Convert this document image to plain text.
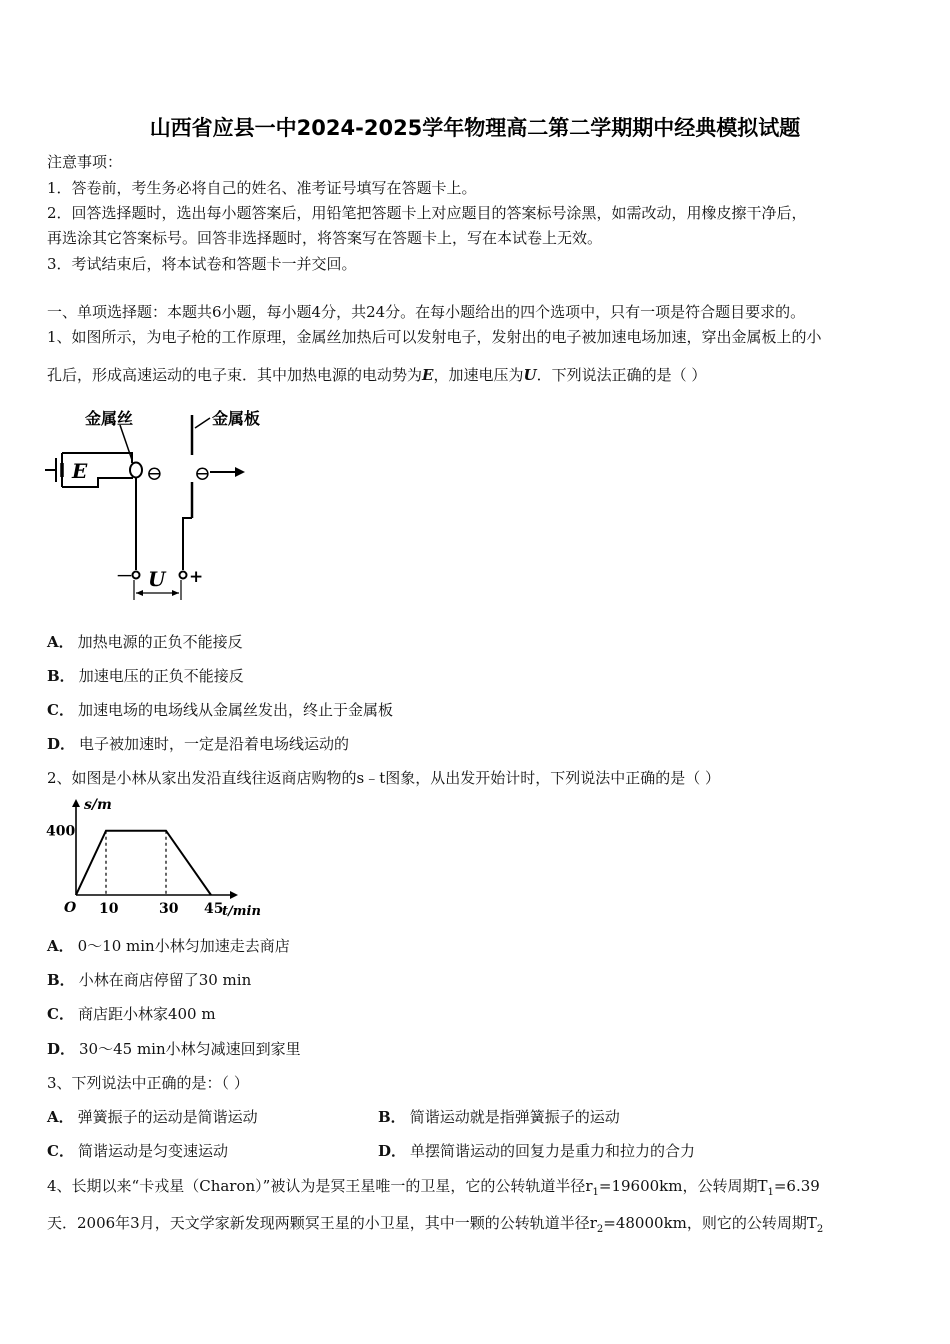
山西省应县一中2024-2025学年物理高二第二学期期中经典模拟试题
注意事项：
1．答卷前，考生务必将自己的姓名、准考证号填写在答题卡上。
2．回答选择题时，选出每小题答案后，用铅笔把答题卡上对应题目的答案标号涂黑，如需改动，用橡皮擦干净后，
再选涂其它答案标号。回答非选择题时，将答案写在答题卡上，写在本试卷上无效。
3．考试结束后，将本试卷和答题卡一并交回。
一、单项选择题：本题共6小题，每小题4分，共24分。在每小题给出的四个选项中，只有一项是符合题目要求的。
1、如图所示，为电子枪的工作原理，金属丝加热后可以发射电子，发射出的电子被加速电场加速，穿出金属板上的小
孔后，形成高速运动的电子束．其中加热电源的电动势为E，加速电压为U．下列说法正确的是（ ）
金属丝	金属板
E	⊖ ⊖
－ U +
A． 加热电源的正负不能接反
B． 加速电压的正负不能接反
C． 加速电场的电场线从金属丝发出，终止于金属板
D． 电子被加速时，一定是沿着电场线运动的
2、如图是小林从家出发沿直线往返商店购物的s﹣t图象，从出发开始计时，下列说法中正确的是（ ）
10	30 45
400
s/m
t/min
O
A． 0～10 min小林匀加速走去商店
B． 小林在商店停留了30 min
C． 商店距小林家400 m
D． 30～45 min小林匀减速回到家里
3、下列说法中正确的是：（ ）
A． 弹簧振子的运动是简谐运动	B． 简谐运动就是指弹簧振子的运动
C． 简谐运动是匀变速运动	D． 单摆简谐运动的回复力是重力和拉力的合力
4、长期以来“卡戎星（Charon）”被认为是冥王星唯一的卫星，它的公转轨道半径$r_1=19600km$，公转周期$T_1=6.39$
天．2006年3月，天文学家新发现两颗冥王星的小卫星，其中一颗的公转轨道半径$r_2=48000km$，则它的公转周期$T_2$
